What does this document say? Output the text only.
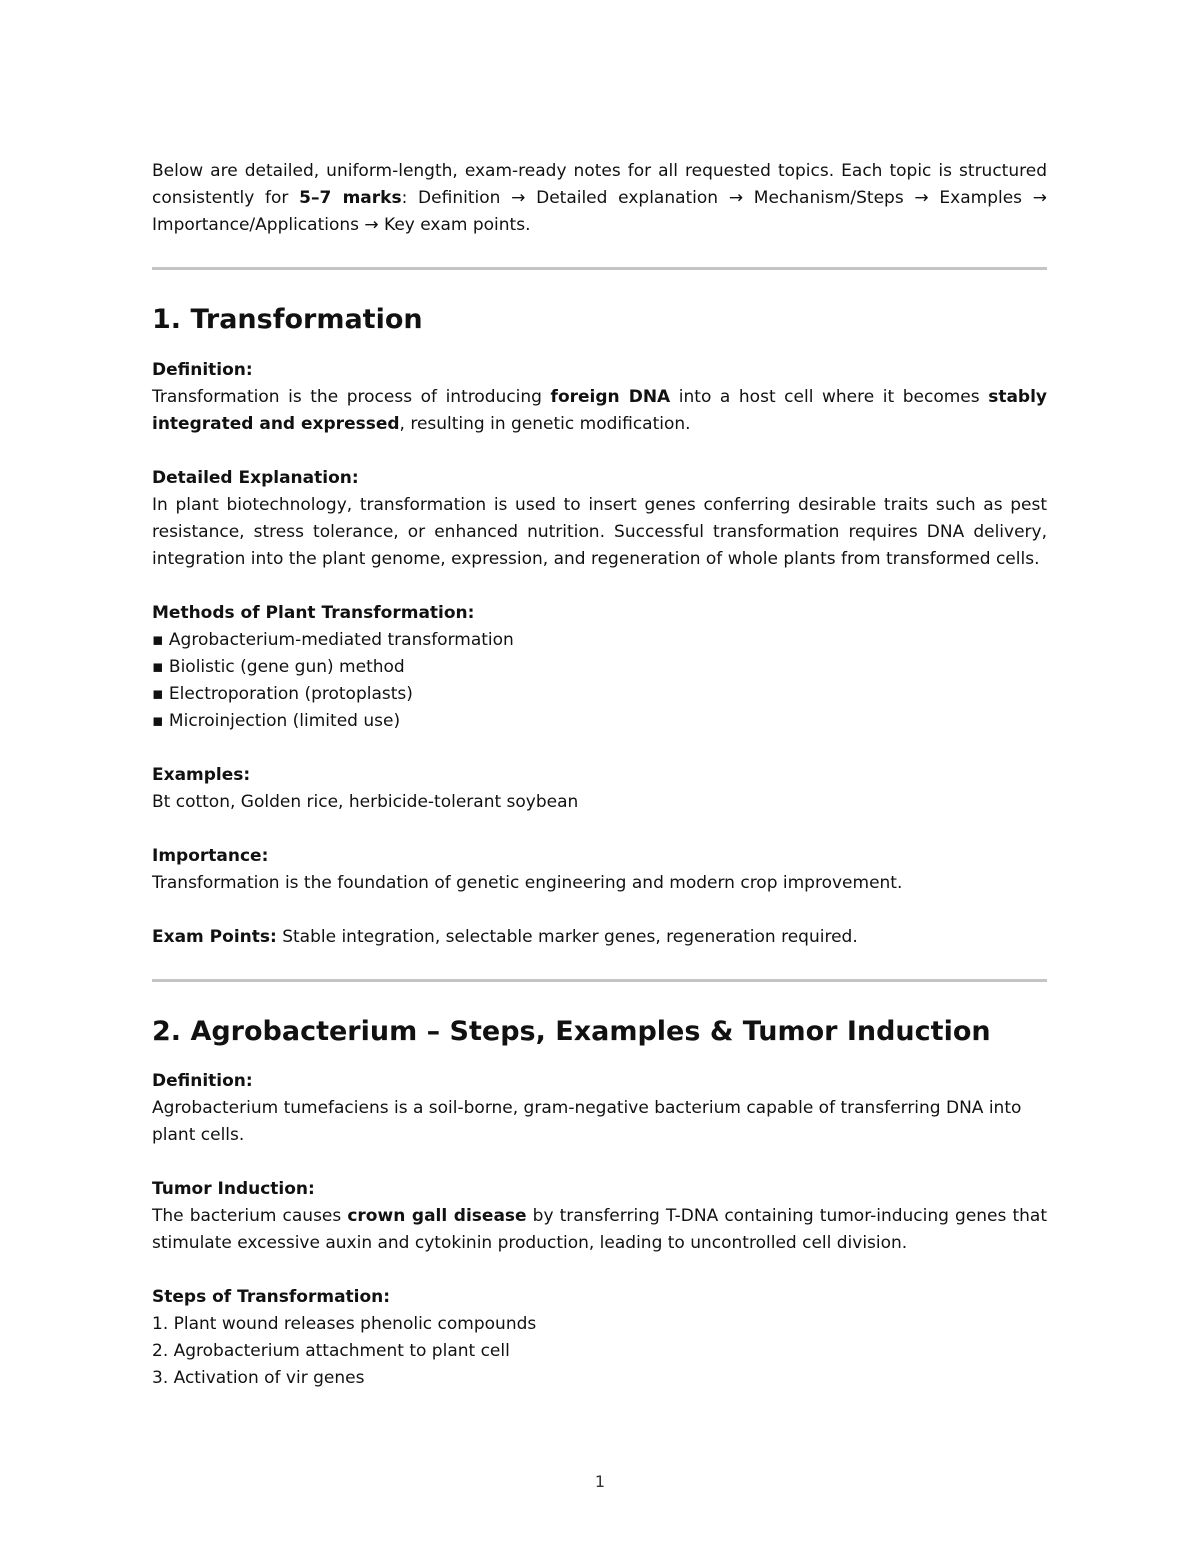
Below are detailed, uniform-length, exam-ready notes for all requested topics. Each topic is structured consistently for 5–7 marks: Definition → Detailed explanation → Mechanism/Steps → Examples → Importance/Applications → Key exam points.

1. Transformation

Definition:

Transformation is the process of introducing foreign DNA into a host cell where it becomes stably integrated and expressed, resulting in genetic modification.

Detailed Explanation:

In plant biotechnology, transformation is used to insert genes conferring desirable traits such as pest resistance, stress tolerance, or enhanced nutrition. Successful transformation requires DNA delivery, integration into the plant genome, expression, and regeneration of whole plants from transformed cells.

Methods of Plant Transformation:

▪ Agrobacterium-mediated transformation
▪ Biolistic (gene gun) method
▪ Electroporation (protoplasts)
▪ Microinjection (limited use)

Examples:

Bt cotton, Golden rice, herbicide-tolerant soybean

Importance:

Transformation is the foundation of genetic engineering and modern crop improvement.

Exam Points: Stable integration, selectable marker genes, regeneration required.

2. Agrobacterium – Steps, Examples & Tumor Induction

Definition:

Agrobacterium tumefaciens is a soil-borne, gram-negative bacterium capable of transferring DNA into plant cells.

Tumor Induction:

The bacterium causes crown gall disease by transferring T-DNA containing tumor-inducing genes that stimulate excessive auxin and cytokinin production, leading to uncontrolled cell division.

Steps of Transformation:

1. Plant wound releases phenolic compounds
2. Agrobacterium attachment to plant cell
3. Activation of vir genes
1
